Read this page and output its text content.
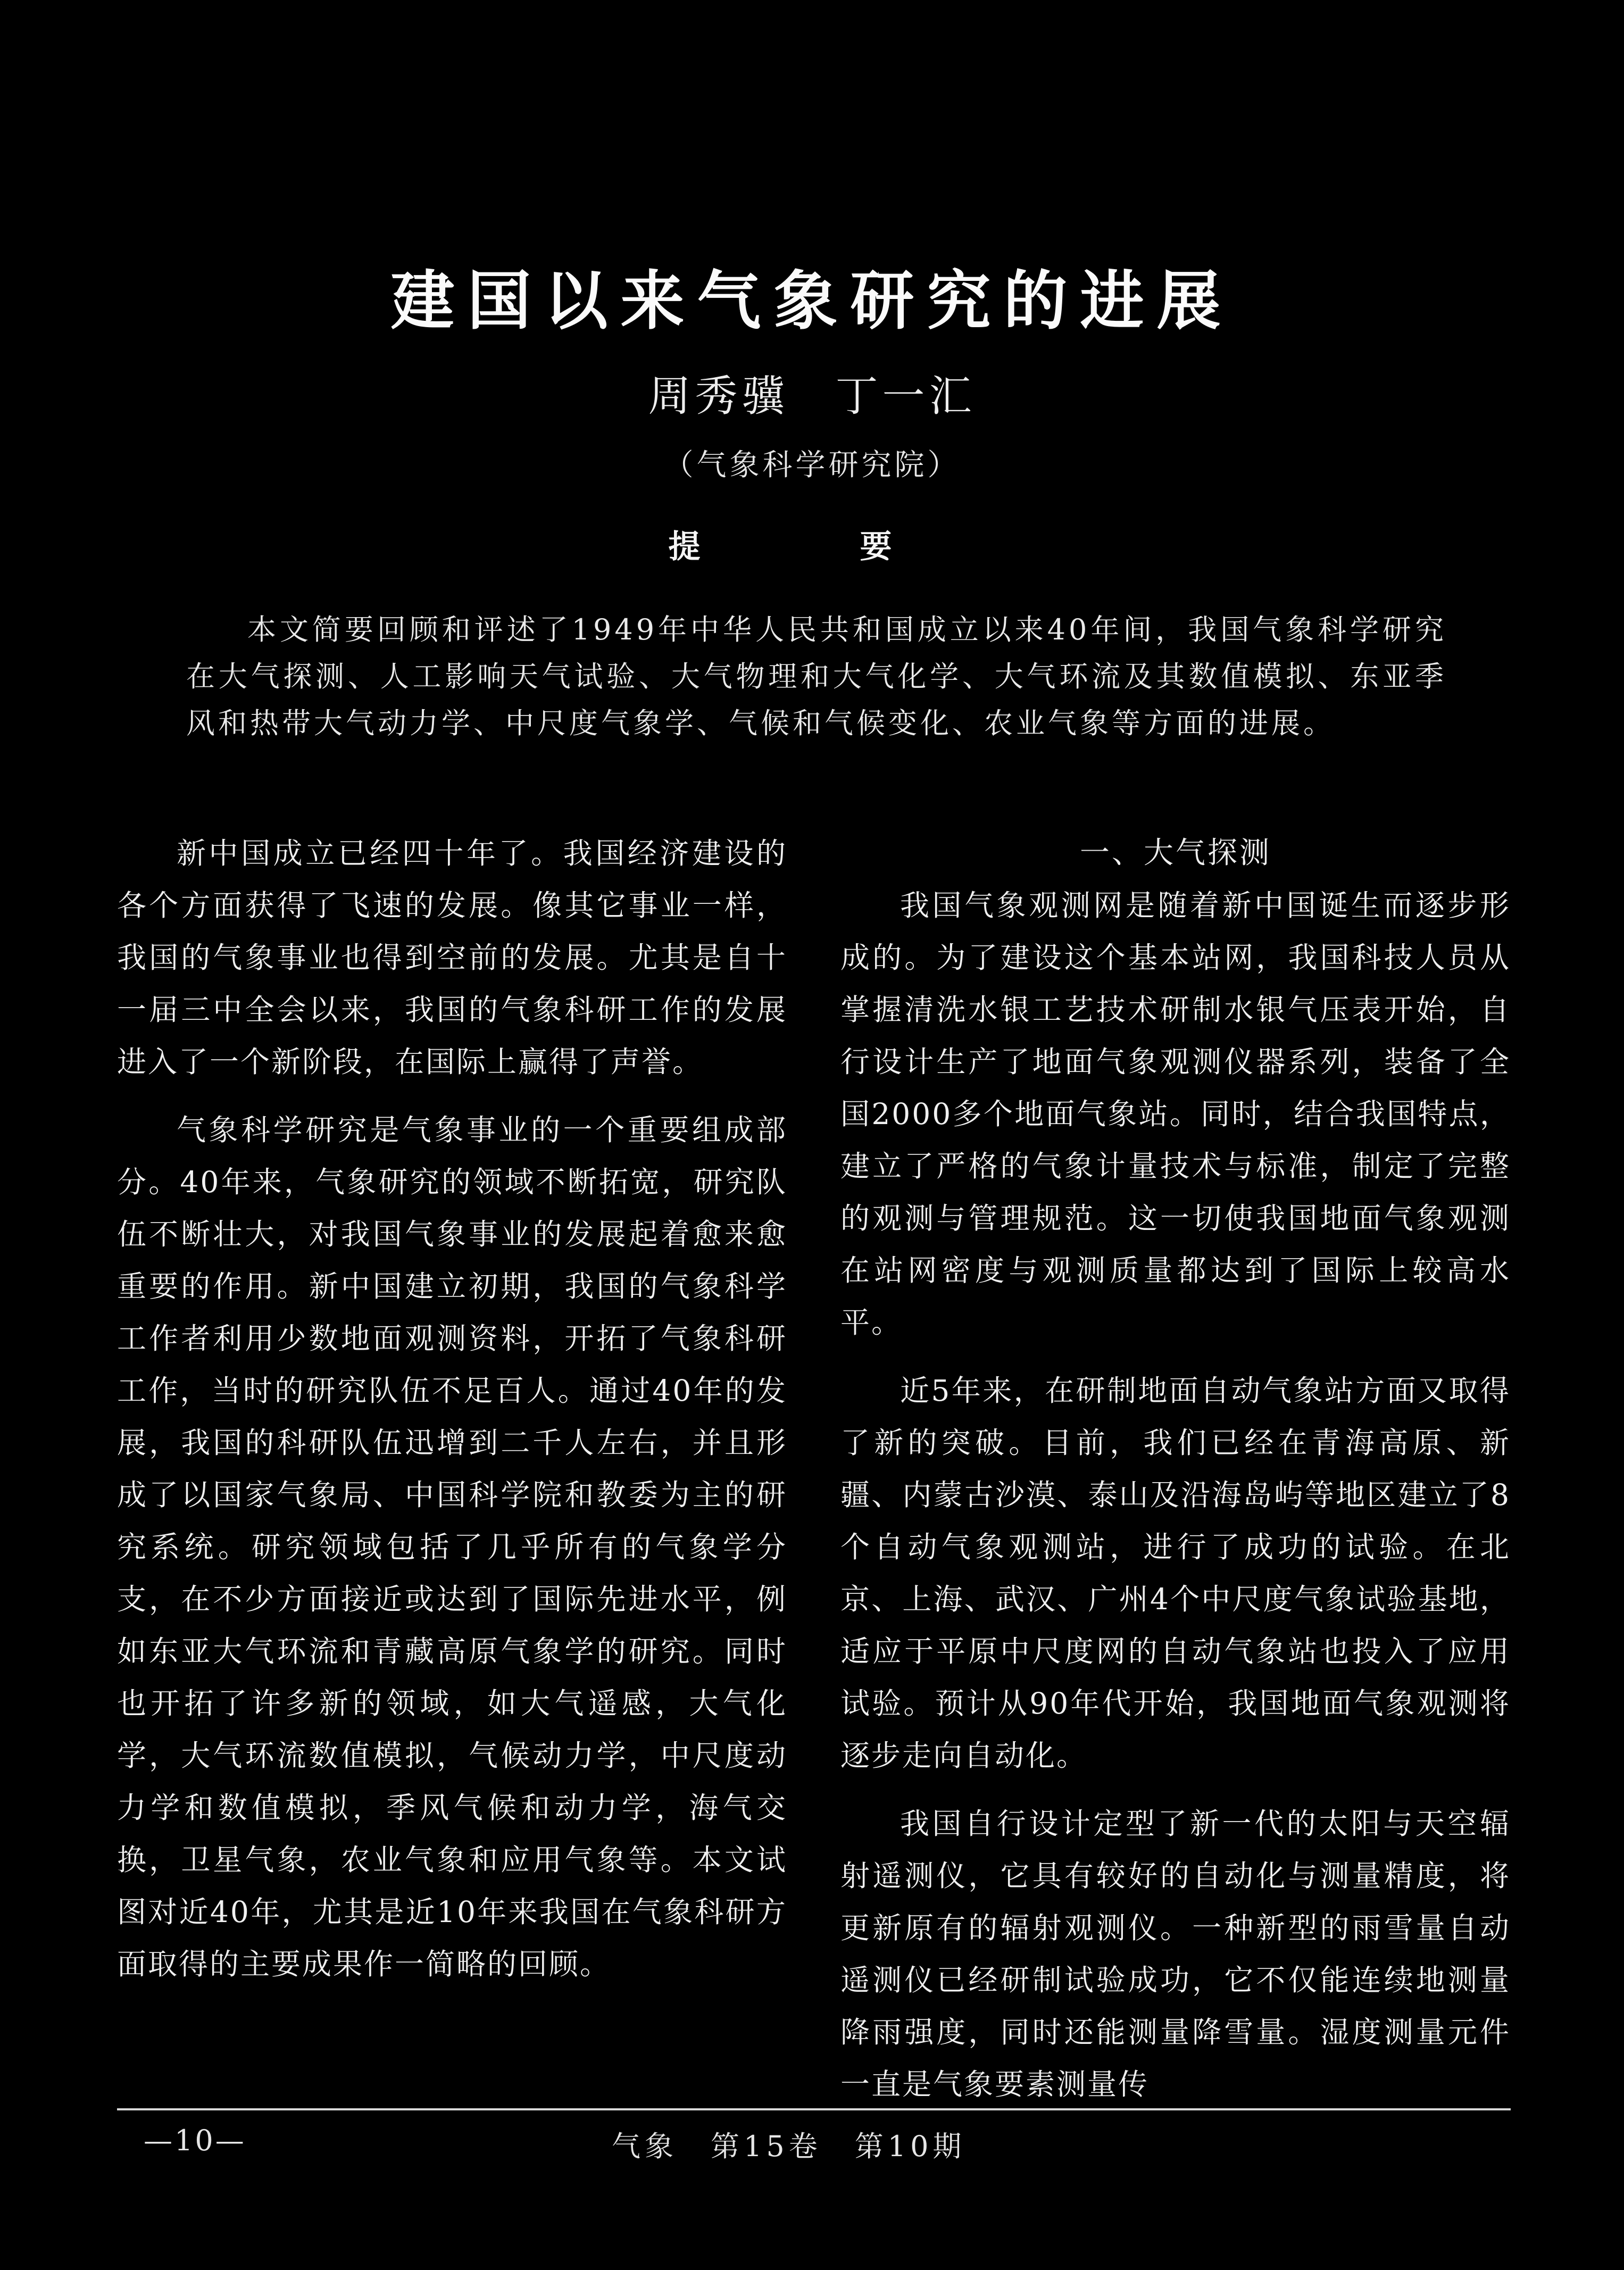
建国以来气象研究的进展
周秀骥　丁一汇
（气象科学研究院）
提　要

本文简要回顾和评述了1949年中华人民共和国成立以来40年间，我国气象科学研究在大气探测、人工影响天气试验、大气物理和大气化学、大气环流及其数值模拟、东亚季风和热带大气动力学、中尺度气象学、气候和气候变化、农业气象等方面的进展。

新中国成立已经四十年了。我国经济建设的各个方面获得了飞速的发展。像其它事业一样，我国的气象事业也得到空前的发展。尤其是自十一届三中全会以来，我国的气象科研工作的发展进入了一个新阶段，在国际上赢得了声誉。

气象科学研究是气象事业的一个重要组成部分。40年来，气象研究的领域不断拓宽，研究队伍不断壮大，对我国气象事业的发展起着愈来愈重要的作用。新中国建立初期，我国的气象科学工作者利用少数地面观测资料，开拓了气象科研工作，当时的研究队伍不足百人。通过40年的发展，我国的科研队伍迅增到二千人左右，并且形成了以国家气象局、中国科学院和教委为主的研究系统。研究领域包括了几乎所有的气象学分支，在不少方面接近或达到了国际先进水平，例如东亚大气环流和青藏高原气象学的研究。同时也开拓了许多新的领域，如大气遥感，大气化学，大气环流数值模拟，气候动力学，中尺度动力学和数值模拟，季风气候和动力学，海气交换，卫星气象，农业气象和应用气象等。本文试图对近40年，尤其是近10年来我国在气象科研方面取得的主要成果作一简略的回顾。

一、大气探测

我国气象观测网是随着新中国诞生而逐步形成的。为了建设这个基本站网，我国科技人员从掌握清洗水银工艺技术研制水银气压表开始，自行设计生产了地面气象观测仪器系列，装备了全国2000多个地面气象站。同时，结合我国特点，建立了严格的气象计量技术与标准，制定了完整的观测与管理规范。这一切使我国地面气象观测在站网密度与观测质量都达到了国际上较高水平。

近5年来，在研制地面自动气象站方面又取得了新的突破。目前，我们已经在青海高原、新疆、内蒙古沙漠、泰山及沿海岛屿等地区建立了8个自动气象观测站，进行了成功的试验。在北京、上海、武汉、广州4个中尺度气象试验基地，适应于平原中尺度网的自动气象站也投入了应用试验。预计从90年代开始，我国地面气象观测将逐步走向自动化。

我国自行设计定型了新一代的太阳与天空辐射遥测仪，它具有较好的自动化与测量精度，将更新原有的辐射观测仪。一种新型的雨雪量自动遥测仪已经研制试验成功，它不仅能连续地测量降雨强度，同时还能测量降雪量。湿度测量元件一直是气象要素测量传

—10—	气象　第15卷　第10期
